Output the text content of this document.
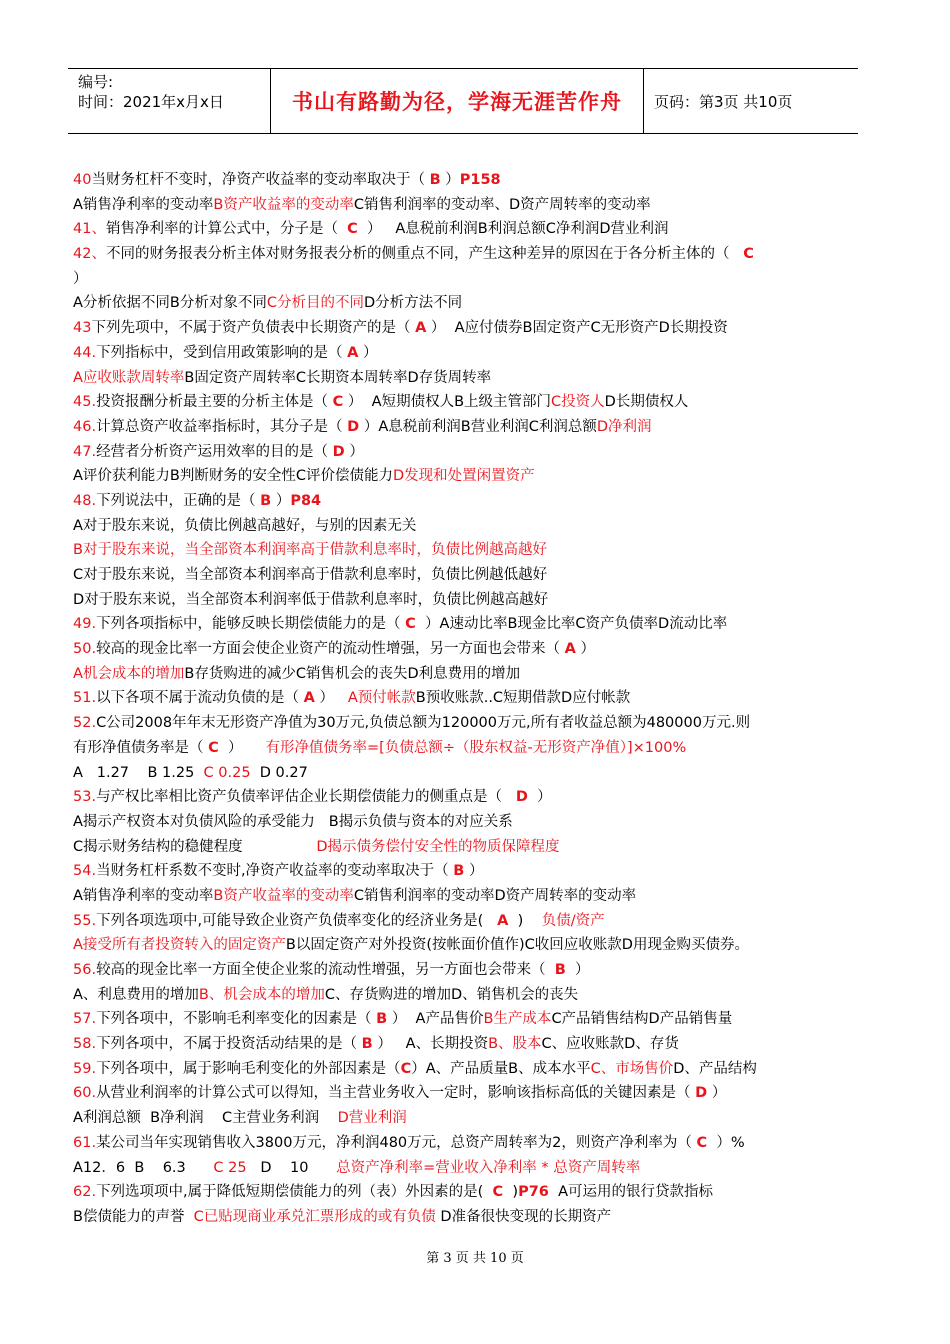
编号:
时间：2021年x月x日	书山有路勤为径，学海无涯苦作舟	页码：第3页 共10页
40当财务杠杆不变时，净资产收益率的变动率取决于（ B ）P158
A销售净利率的变动率B资产收益率的变动率C销售利润率的变动率、D资产周转率的变动率
41、销售净利率的计算公式中，分子是（  C  ）   A息税前利润B利润总额C净利润D营业利润
42、不同的财务报表分析主体对财务报表分析的侧重点不同，产生这种差异的原因在于各分析主体的（   C
）
A分析依据不同B分析对象不同C分析目的不同D分析方法不同
43下列先项中，不属于资产负债表中长期资产的是（ A ）  A应付债券B固定资产C无形资产D长期投资
44.下列指标中，受到信用政策影响的是（ A ）
A应收账款周转率B固定资产周转率C长期资本周转率D存货周转率
45.投资报酬分析最主要的分析主体是（ C ）  A短期债权人B上级主管部门C投资人D长期债权人
46.计算总资产收益率指标时，其分子是（ D ）A息税前利润B营业利润C利润总额D净利润
47.经营者分析资产运用效率的目的是（ D ）
A评价获利能力B判断财务的安全性C评价偿债能力D发现和处置闲置资产
48.下列说法中，正确的是（ B ）P84
A对于股东来说，负债比例越高越好，与别的因素无关
B对于股东来说，当全部资本利润率高于借款利息率时，负债比例越高越好
C对于股东来说，当全部资本利润率高于借款利息率时，负债比例越低越好
D对于股东来说，当全部资本利润率低于借款利息率时，负债比例越高越好
49.下列各项指标中，能够反映长期偿债能力的是（ C  ）A速动比率B现金比率C资产负债率D流动比率
50.较高的现金比率一方面会使企业资产的流动性增强，另一方面也会带来（ A ）
A机会成本的增加B存货购进的减少C销售机会的丧失D利息费用的增加
51.以下各项不属于流动负债的是（ A ）   A预付帐款B预收账款..C短期借款D应付帐款
52.C公司2008年年末无形资产净值为30万元,负债总额为120000万元,所有者收益总额为480000万元.则
有形净值债务率是（ C  ）     有形净值债务率=[负债总额÷（股东权益-无形资产净值）]×100%
A   1.27    B 1.25  C 0.25  D 0.27
53.与产权比率相比资产负债率评估企业长期偿债能力的侧重点是（   D  ）
A揭示产权资本对负债风险的承受能力   B揭示负债与资本的对应关系
C揭示财务结构的稳健程度                D揭示债务偿付安全性的物质保障程度
54.当财务杠杆系数不变时,净资产收益率的变动率取决于（ B ）
A销售净利率的变动率B资产收益率的变动率C销售利润率的变动率D资产周转率的变动率
55.下列各项选项中,可能导致企业资产负债率变化的经济业务是(   A  )    负债/资产
A接受所有者投资转入的固定资产B以固定资产对外投资(按帐面价值作)C收回应收账款D用现金购买债券。
56.较高的现金比率一方面全使企业浆的流动性增强，另一方面也会带来（  B  ）
A、利息费用的增加B、机会成本的增加C、存货购进的增加D、销售机会的丧失
57.下列各项中，不影响毛利率变化的因素是（ B ）  A产品售价B生产成本C产品销售结构D产品销售量
58.下列各项中，不属于投资活动结果的是（ B ）   A、长期投资B、股本C、应收账款D、存货
59.下列各项中，属于影响毛利变化的外部因素是（C）A、产品质量B、成本水平C、市场售价D、产品结构
60.从营业利润率的计算公式可以得知，当主营业务收入一定时，影响该指标高低的关键因素是（ D ）
A利润总额  B净利润    C主营业务利润    D营业利润
61.某公司当年实现销售收入3800万元，净利润480万元，总资产周转率为2，则资产净利率为（ C  ）%
A12．6  B    6.3      C 25   D    10      总资产净利率=营业收入净利率 * 总资产周转率
62.下列选项项中,属于降低短期偿债能力的列（表）外因素的是(  C  )P76  A可运用的银行贷款指标
B偿债能力的声誉  C已贴现商业承兑汇票形成的或有负债 D准备很快变现的长期资产
第 3 页 共 10 页
